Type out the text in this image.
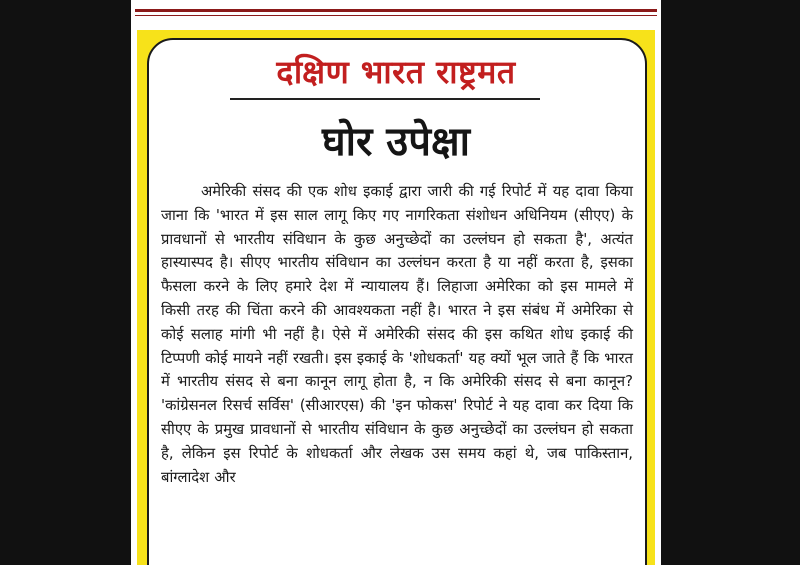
दक्षिण भारत राष्ट्रमत
घोर उपेक्षा

अमेरिकी संसद की एक शोध इकाई द्वारा जारी की गई रिपोर्ट में यह दावा किया जाना कि 'भारत में इस साल लागू किए गए नागरिकता संशोधन अधिनियम (सीएए) के प्रावधानों से भारतीय संविधान के कुछ अनुच्छेदों का उल्लंघन हो सकता है', अत्यंत हास्यास्पद है। सीएए भारतीय संविधान का उल्लंघन करता है या नहीं करता है, इसका फैसला करने के लिए हमारे देश में न्यायालय हैं। लिहाजा अमेरिका को इस मामले में किसी तरह की चिंता करने की आवश्यकता नहीं है। भारत ने इस संबंध में अमेरिका से कोई सलाह मांगी भी नहीं है। ऐसे में अमेरिकी संसद की इस कथित शोध इकाई की टिप्पणी कोई मायने नहीं रखती। इस इकाई के 'शोधकर्ता' यह क्यों भूल जाते हैं कि भारत में भारतीय संसद से बना कानून लागू होता है, न कि अमेरिकी संसद से बना कानून? 'कांग्रेसनल रिसर्च सर्विस' (सीआरएस) की 'इन फोकस' रिपोर्ट ने यह दावा कर दिया कि सीएए के प्रमुख प्रावधानों से भारतीय संविधान के कुछ अनुच्छेदों का उल्लंघन हो सकता है, लेकिन इस रिपोर्ट के शोधकर्ता और लेखक उस समय कहां थे, जब पाकिस्तान, बांग्लादेश और
